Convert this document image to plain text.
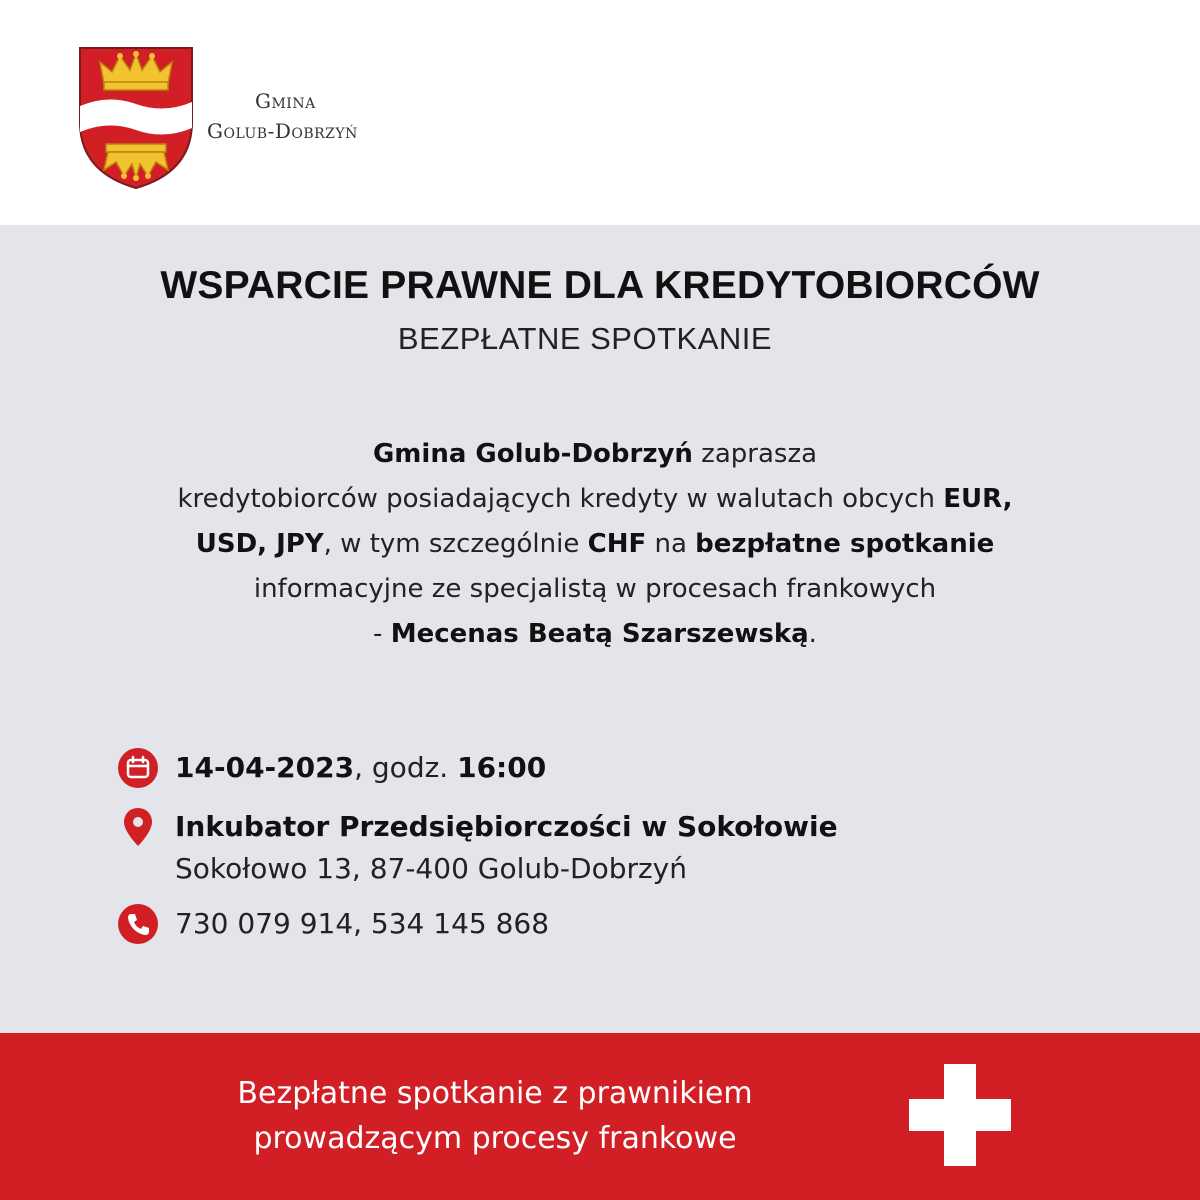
Gmina
Golub-Dobrzyń
WSPARCIE PRAWNE DLA KREDYTOBIORCÓW
BEZPŁATNE SPOTKANIE
Gmina Golub-Dobrzyń zaprasza
kredytobiorców posiadających kredyty w walutach obcych EUR,
USD, JPY, w tym szczególnie CHF na bezpłatne spotkanie
informacyjne ze specjalistą w procesach frankowych
- Mecenas Beatą Szarszewską.
14-04-2023, godz. 16:00
Inkubator Przedsiębiorczości w Sokołowie
Sokołowo 13, 87-400 Golub-Dobrzyń
730 079 914, 534 145 868
Bezpłatne spotkanie z prawnikiem
prowadzącym procesy frankowe
